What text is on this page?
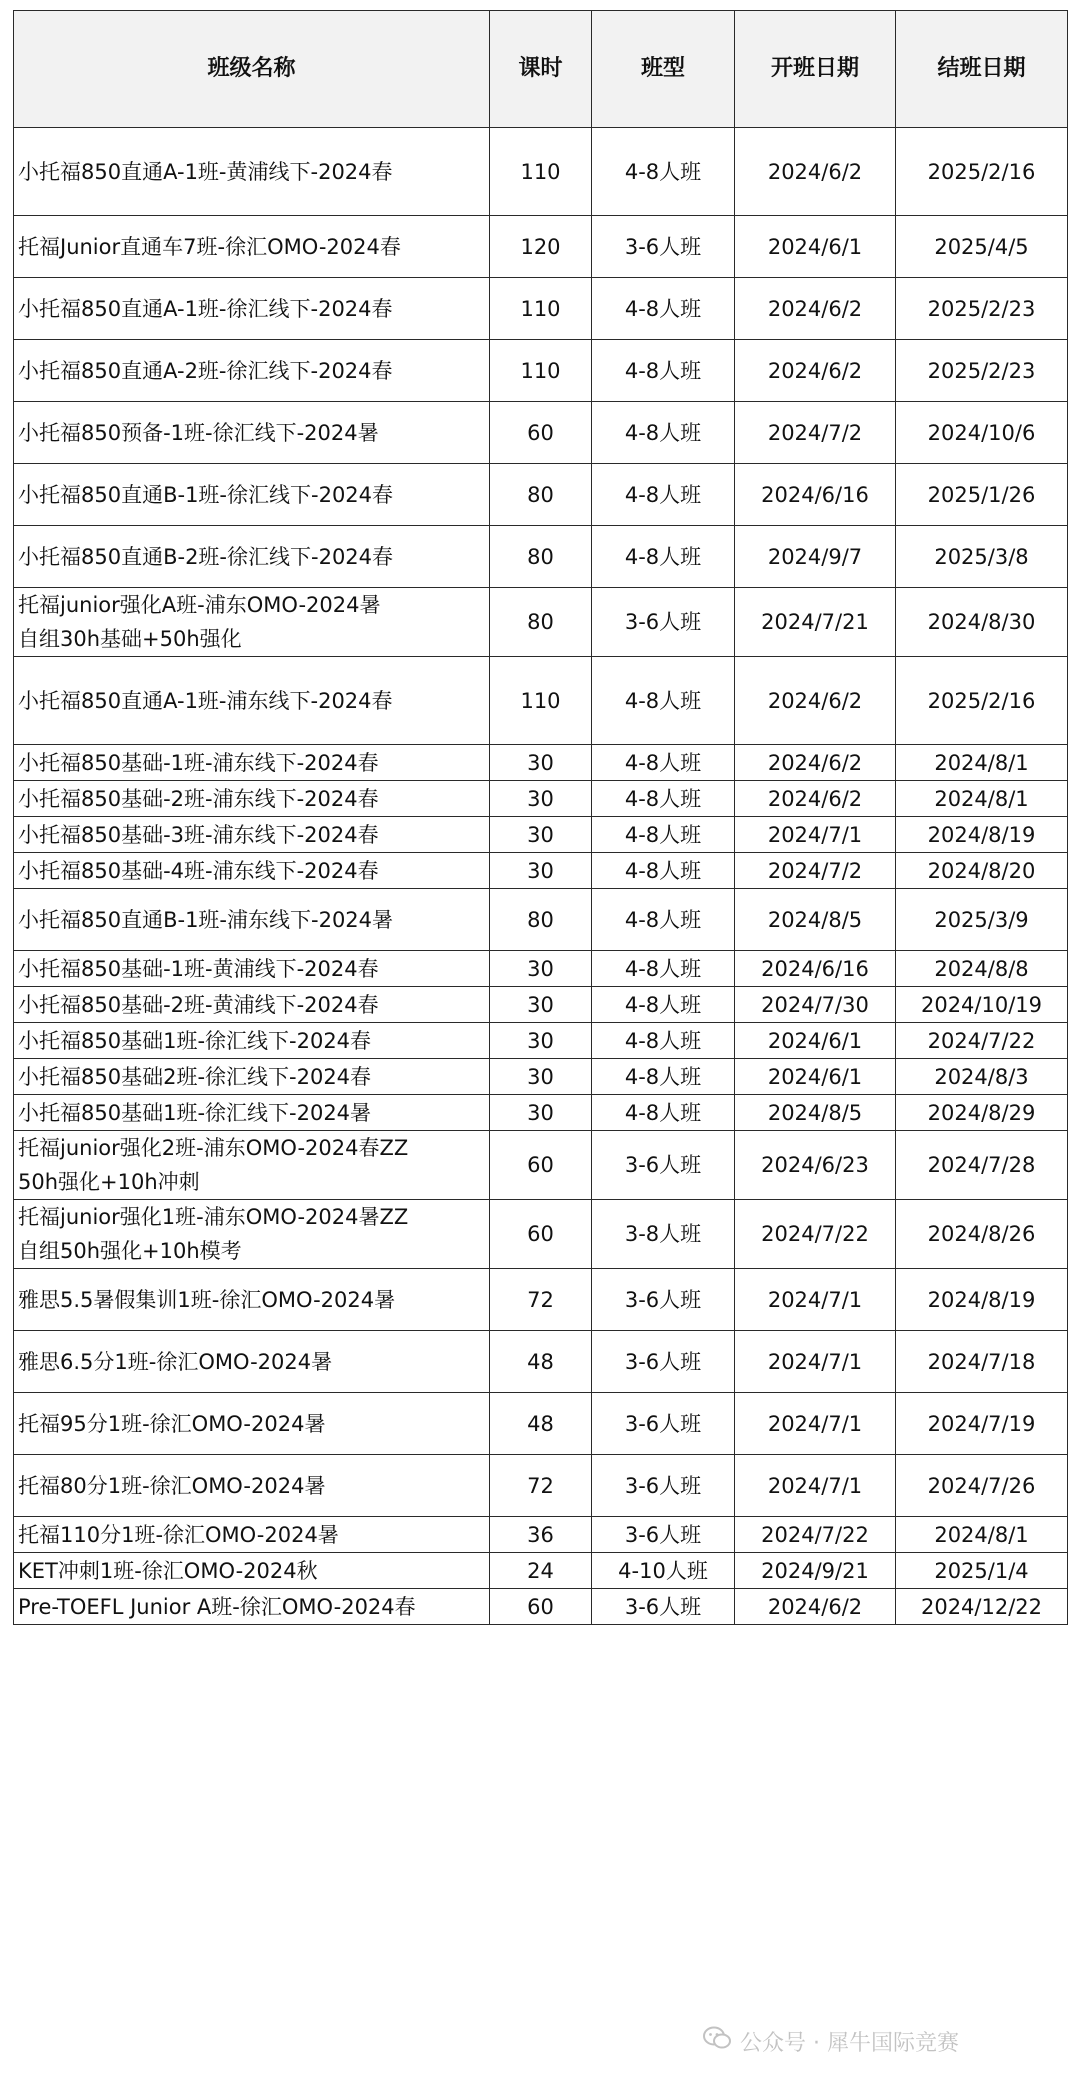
班级名称	课时	班型	开班日期	结班日期

小托福850直通A-1班-黄浦线下-2024春	110	4-8人班	2024/6/2	2025/2/16

托福Junior直通车7班-徐汇OMO-2024春	120	3-6人班	2024/6/1	2025/4/5

小托福850直通A-1班-徐汇线下-2024春	110	4-8人班	2024/6/2	2025/2/23

小托福850直通A-2班-徐汇线下-2024春	110	4-8人班	2024/6/2	2025/2/23

小托福850预备-1班-徐汇线下-2024暑	60	4-8人班	2024/7/2	2024/10/6

小托福850直通B-1班-徐汇线下-2024春	80	4-8人班	2024/6/16	2025/1/26

小托福850直通B-2班-徐汇线下-2024春	80	4-8人班	2024/9/7	2025/3/8

托福junior强化A班-浦东OMO-2024暑
自组30h基础+50h强化	80	3-6人班	2024/7/21	2024/8/30

小托福850直通A-1班-浦东线下-2024春	110	4-8人班	2024/6/2	2025/2/16

小托福850基础-1班-浦东线下-2024春	30	4-8人班	2024/6/2	2024/8/1

小托福850基础-2班-浦东线下-2024春	30	4-8人班	2024/6/2	2024/8/1

小托福850基础-3班-浦东线下-2024春	30	4-8人班	2024/7/1	2024/8/19

小托福850基础-4班-浦东线下-2024春	30	4-8人班	2024/7/2	2024/8/20

小托福850直通B-1班-浦东线下-2024暑	80	4-8人班	2024/8/5	2025/3/9

小托福850基础-1班-黄浦线下-2024春	30	4-8人班	2024/6/16	2024/8/8

小托福850基础-2班-黄浦线下-2024春	30	4-8人班	2024/7/30	2024/10/19

小托福850基础1班-徐汇线下-2024春	30	4-8人班	2024/6/1	2024/7/22

小托福850基础2班-徐汇线下-2024春	30	4-8人班	2024/6/1	2024/8/3

小托福850基础1班-徐汇线下-2024暑	30	4-8人班	2024/8/5	2024/8/29

托福junior强化2班-浦东OMO-2024春ZZ
50h强化+10h冲刺	60	3-6人班	2024/6/23	2024/7/28

托福junior强化1班-浦东OMO-2024暑ZZ
自组50h强化+10h模考	60	3-8人班	2024/7/22	2024/8/26

雅思5.5暑假集训1班-徐汇OMO-2024暑	72	3-6人班	2024/7/1	2024/8/19

雅思6.5分1班-徐汇OMO-2024暑	48	3-6人班	2024/7/1	2024/7/18

托福95分1班-徐汇OMO-2024暑	48	3-6人班	2024/7/1	2024/7/19

托福80分1班-徐汇OMO-2024暑	72	3-6人班	2024/7/1	2024/7/26

托福110分1班-徐汇OMO-2024暑	36	3-6人班	2024/7/22	2024/8/1

KET冲刺1班-徐汇OMO-2024秋	24	4-10人班	2024/9/21	2025/1/4

Pre-TOEFL Junior A班-徐汇OMO-2024春	60	3-6人班	2024/6/2	2024/12/22
公众号 · 犀牛国际竞赛
